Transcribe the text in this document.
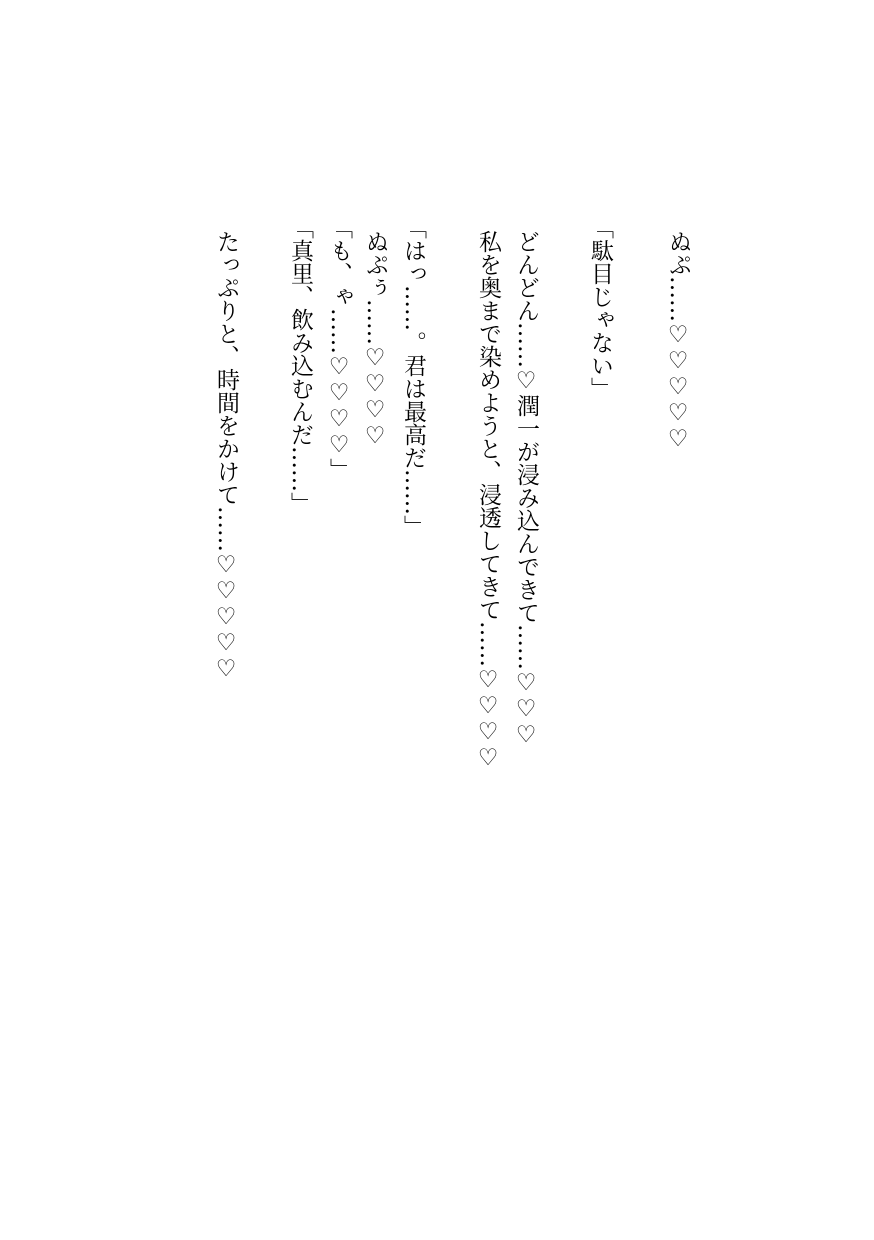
ぬぷ……♡♡♡♡♡
「駄目じゃない」
どんどん……♡潤一が浸み込んできて……♡♡♡
私を奥まで染めようと、浸透してきて……♡♡♡♡
「はっ……。君は最高だ……」
ぬぷぅ……♡♡♡♡
「も、ゃ……♡♡♡♡」
「真里、飲み込むんだ……」
たっぷりと、時間をかけて……♡♡♡♡♡
